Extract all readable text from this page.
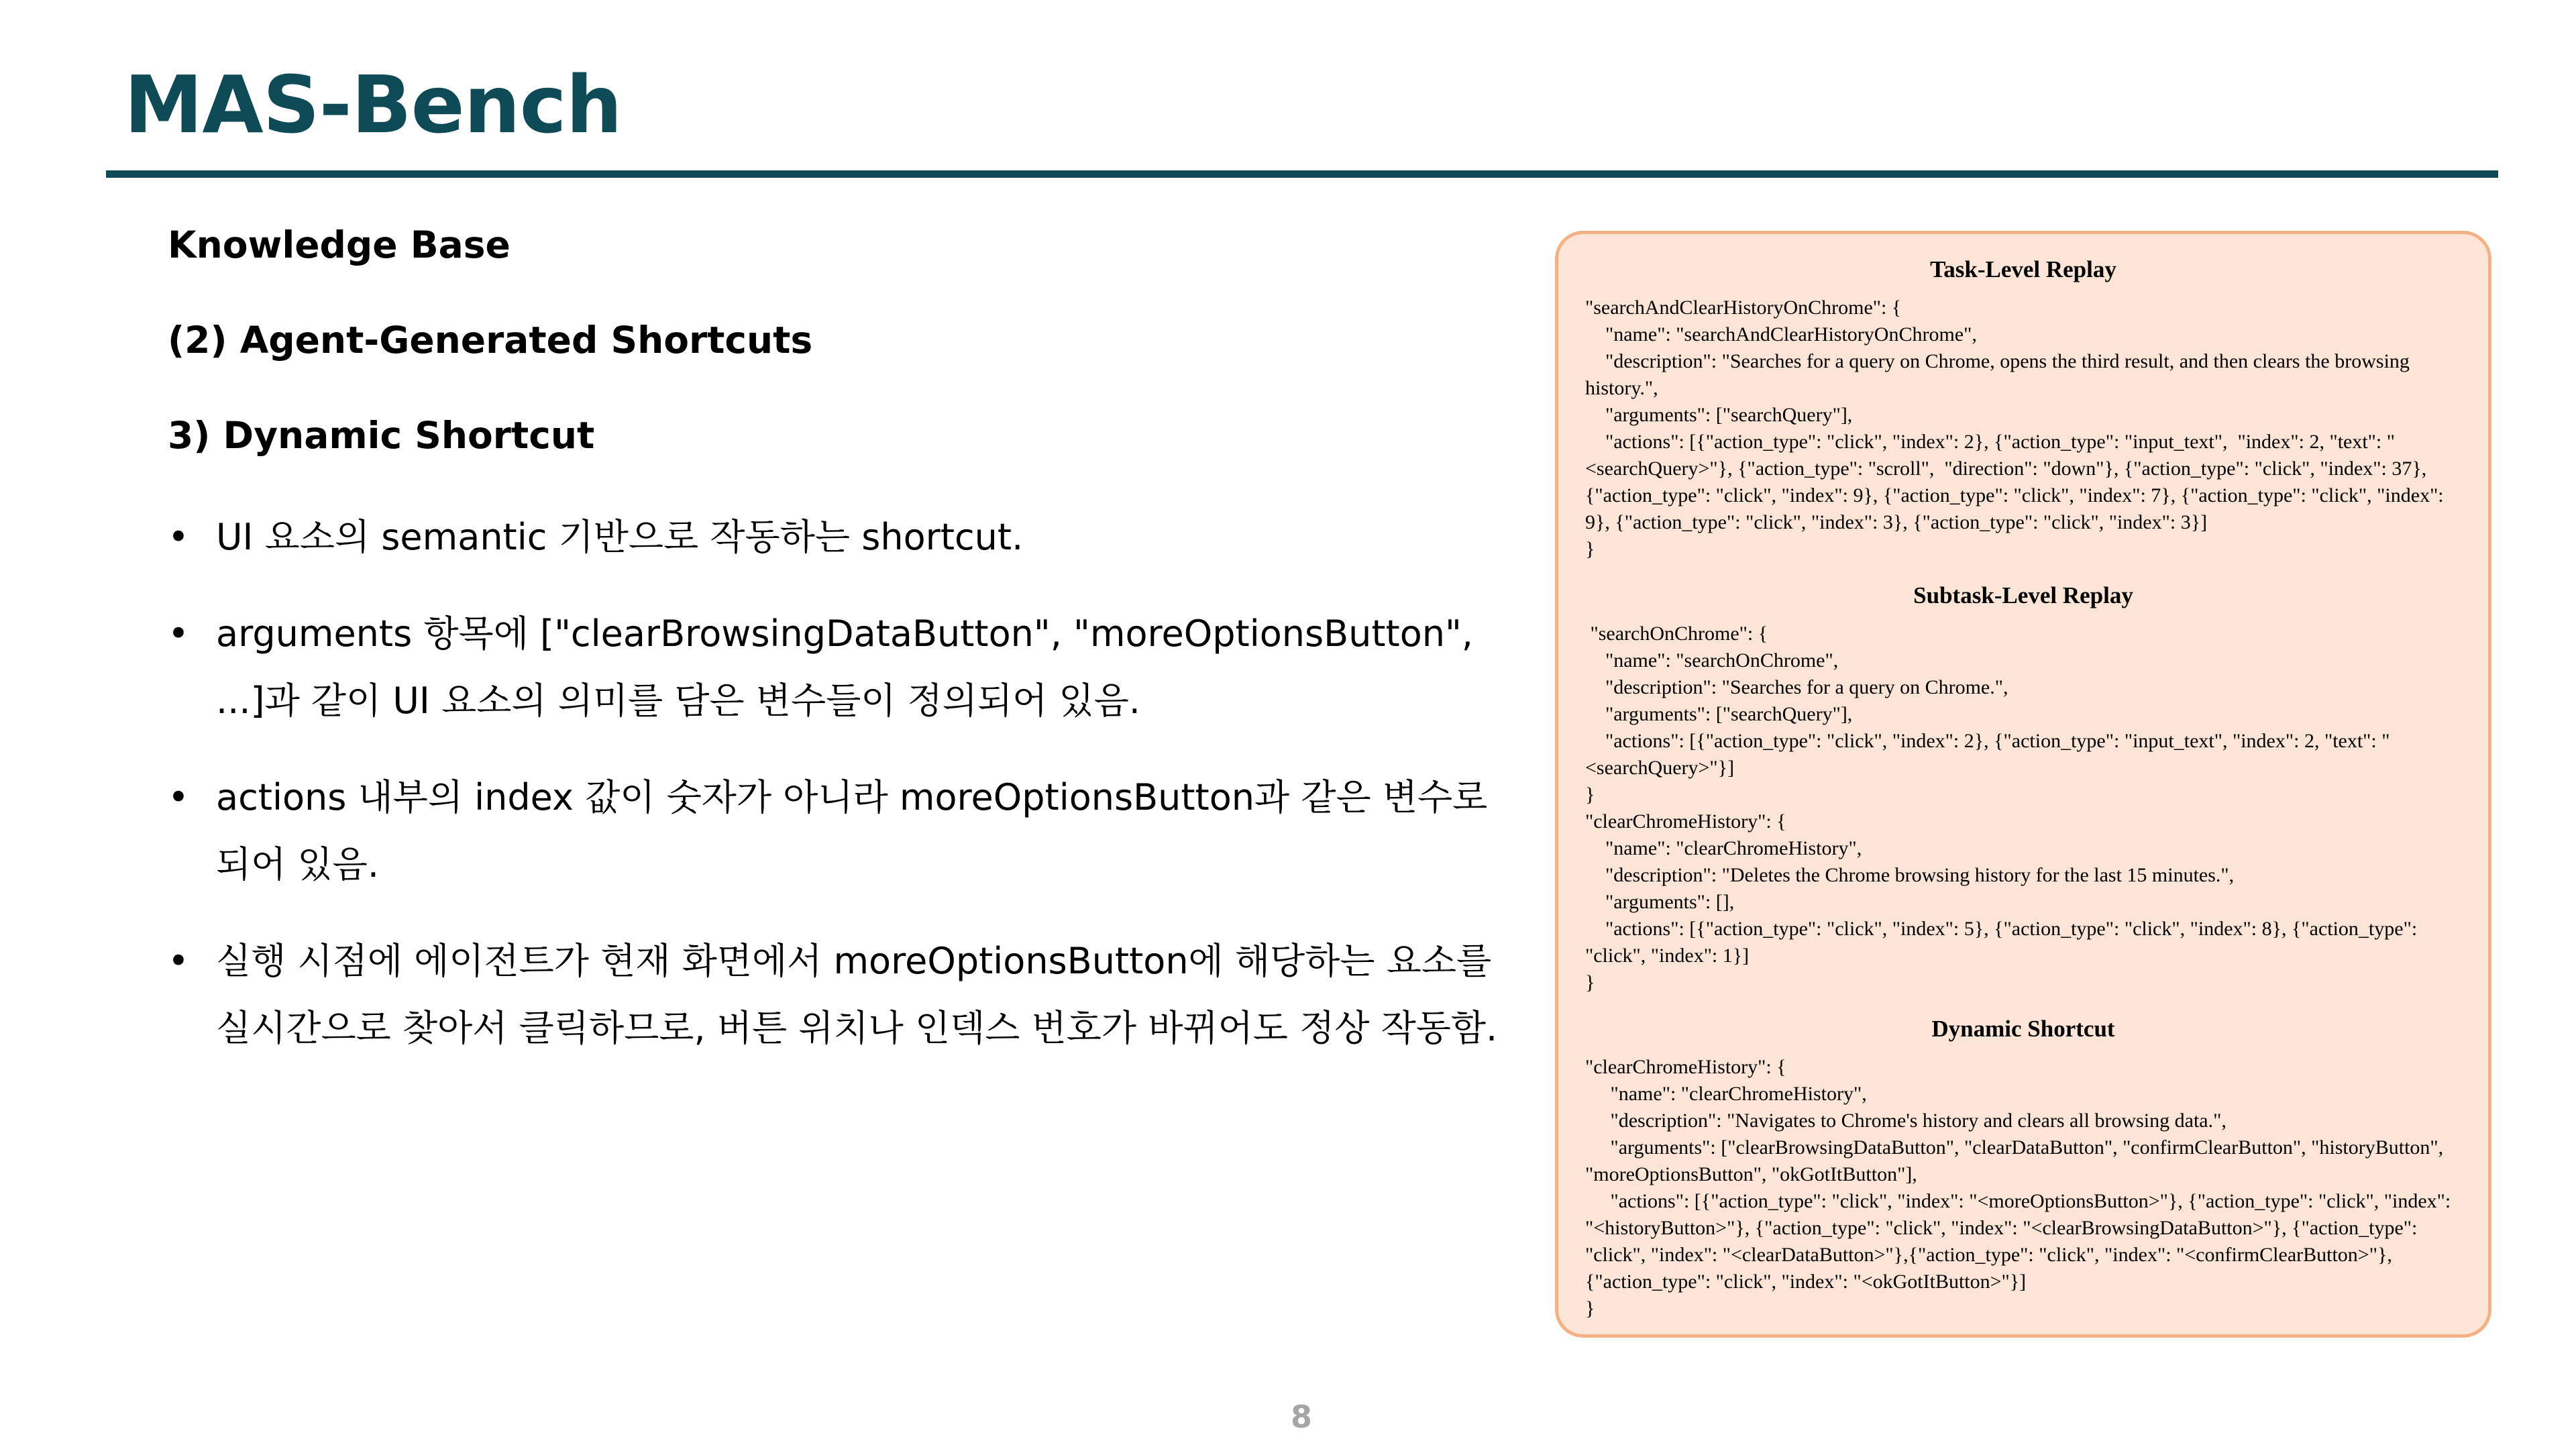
MAS-Bench

Knowledge Base

(2) Agent-Generated Shortcuts

3) Dynamic Shortcut

• UI 요소의 semantic 기반으로 작동하는 shortcut.
• arguments 항목에 ["clearBrowsingDataButton", "moreOptionsButton", ...]과 같이 UI 요소의 의미를 담은 변수들이 정의되어 있음.
• actions 내부의 index 값이 숫자가 아니라 moreOptionsButton과 같은 변수로 되어 있음.
• 실행 시점에 에이전트가 현재 화면에서 moreOptionsButton에 해당하는 요소를 실시간으로 찾아서 클릭하므로, 버튼 위치나 인덱스 번호가 바뀌어도 정상 작동함.
Task-Level Replay
"searchAndClearHistoryOnChrome": {
"name": "searchAndClearHistoryOnChrome",
"description": "Searches for a query on Chrome, opens the third result, and then clears the browsing history.",
"arguments": ["searchQuery"],
"actions": [{"action_type": "click", "index": 2}, {"action_type": "input_text",  "index": 2, "text": "<searchQuery>"}, {"action_type": "scroll",  "direction": "down"}, {"action_type": "click", "index": 37}, {"action_type": "click", "index": 9}, {"action_type": "click", "index": 7}, {"action_type": "click", "index": 9}, {"action_type": "click", "index": 3}, {"action_type": "click", "index": 3}]
}
Subtask-Level Replay
"searchOnChrome": {
"name": "searchOnChrome",
"description": "Searches for a query on Chrome.",
"arguments": ["searchQuery"],
"actions": [{"action_type": "click", "index": 2}, {"action_type": "input_text", "index": 2, "text": "<searchQuery>"}]
}
"clearChromeHistory": {
"name": "clearChromeHistory",
"description": "Deletes the Chrome browsing history for the last 15 minutes.",
"arguments": [],
"actions": [{"action_type": "click", "index": 5}, {"action_type": "click", "index": 8}, {"action_type": "click", "index": 1}]
}
Dynamic Shortcut
"clearChromeHistory": {
"name": "clearChromeHistory",
"description": "Navigates to Chrome's history and clears all browsing data.",
"arguments": ["clearBrowsingDataButton", "clearDataButton", "confirmClearButton", "historyButton", "moreOptionsButton", "okGotItButton"],
"actions": [{"action_type": "click", "index": "<moreOptionsButton>"}, {"action_type": "click", "index": "<historyButton>"}, {"action_type": "click", "index": "<clearBrowsingDataButton>"}, {"action_type": "click", "index": "<clearDataButton>"},{"action_type": "click", "index": "<confirmClearButton>"}, {"action_type": "click", "index": "<okGotItButton>"}]
}
8
